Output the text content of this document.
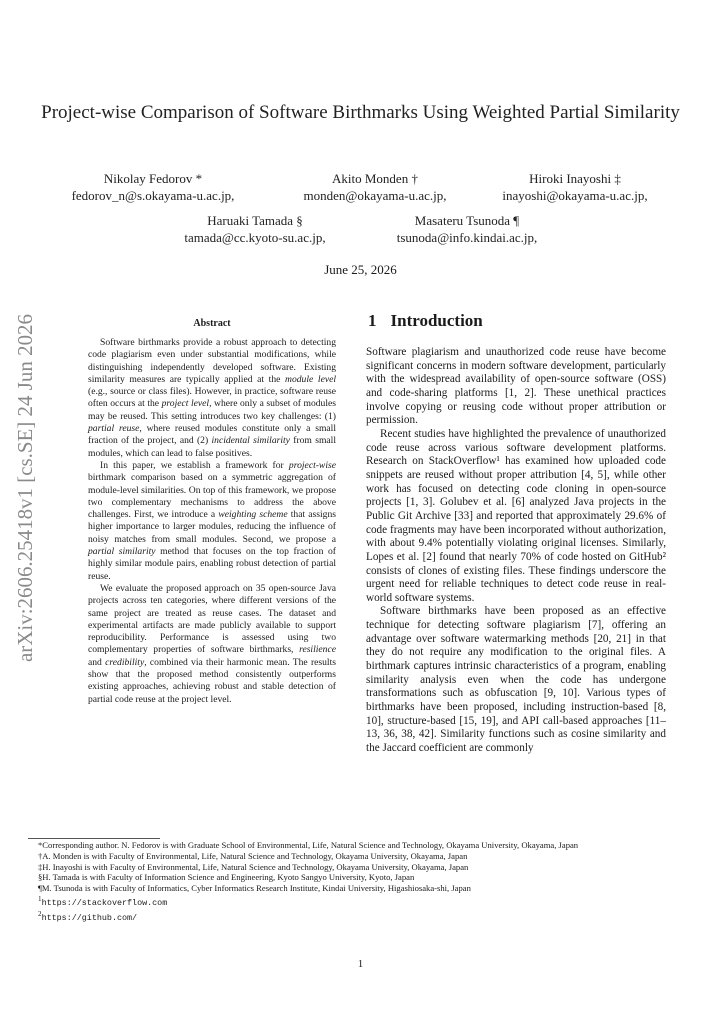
arXiv:2606.25418v1 [cs.SE] 24 Jun 2026
Project-wise Comparison of Software Birthmarks Using Weighted Partial Similarity
Nikolay Fedorov *
fedorov_n@s.okayama-u.ac.jp,
Akito Monden †
monden@okayama-u.ac.jp,
Hiroki Inayoshi ‡
inayoshi@okayama-u.ac.jp,
Haruaki Tamada §
tamada@cc.kyoto-su.ac.jp,
Masateru Tsunoda ¶
tsunoda@info.kindai.ac.jp,
June 25, 2026
Abstract

Software birthmarks provide a robust approach to detecting code plagiarism even under substantial modifications, while distinguishing independently developed software. Existing similarity measures are typically applied at the module level (e.g., source or class files). However, in practice, software reuse often occurs at the project level, where only a subset of modules may be reused. This setting introduces two key challenges: (1) partial reuse, where reused modules constitute only a small fraction of the project, and (2) incidental similarity from small modules, which can lead to false positives.

In this paper, we establish a framework for project-wise birthmark comparison based on a symmetric aggregation of module-level similarities. On top of this framework, we propose two complementary mechanisms to address the above challenges. First, we introduce a weighting scheme that assigns higher importance to larger modules, reducing the influence of noisy matches from small modules. Second, we propose a partial similarity method that focuses on the top fraction of highly similar module pairs, enabling robust detection of partial reuse.

We evaluate the proposed approach on 35 open-source Java projects across ten categories, where different versions of the same project are treated as reuse cases. The dataset and experimental artifacts are made publicly available to support reproducibility. Performance is assessed using two complementary properties of software birthmarks, resilience and credibility, combined via their harmonic mean. The results show that the proposed method consistently outperforms existing approaches, achieving robust and stable detection of partial code reuse at the project level.

1 Introduction

Software plagiarism and unauthorized code reuse have become significant concerns in modern software development, particularly with the widespread availability of open-source software (OSS) and code-sharing platforms [1, 2]. These unethical practices involve copying or reusing code without proper attribution or permission.

Recent studies have highlighted the prevalence of unauthorized code reuse across various software development platforms. Research on StackOverflow¹ has examined how uploaded code snippets are reused without proper attribution [4, 5], while other work has focused on detecting code cloning in open-source projects [1, 3]. Golubev et al. [6] analyzed Java projects in the Public Git Archive [33] and reported that approximately 29.6% of code fragments may have been incorporated without authorization, with about 9.4% potentially violating original licenses. Similarly, Lopes et al. [2] found that nearly 70% of code hosted on GitHub² consists of clones of existing files. These findings underscore the urgent need for reliable techniques to detect code reuse in real-world software systems.

Software birthmarks have been proposed as an effective technique for detecting software plagiarism [7], offering an advantage over software watermarking methods [20, 21] in that they do not require any modification to the original files. A birthmark captures intrinsic characteristics of a program, enabling similarity analysis even when the code has undergone transformations such as obfuscation [9, 10]. Various types of birthmarks have been proposed, including instruction-based [8, 10], structure-based [15, 19], and API call-based approaches [11–13, 36, 38, 42]. Similarity functions such as cosine similarity and the Jaccard coefficient are commonly

*Corresponding author. N. Fedorov is with Graduate School of Environmental, Life, Natural Science and Technology, Okayama University, Okayama, Japan
†A. Monden is with Faculty of Environmental, Life, Natural Science and Technology, Okayama University, Okayama, Japan
‡H. Inayoshi is with Faculty of Environmental, Life, Natural Science and Technology, Okayama University, Okayama, Japan
§H. Tamada is with Faculty of Information Science and Engineering, Kyoto Sangyo University, Kyoto, Japan
¶M. Tsunoda is with Faculty of Informatics, Cyber Informatics Research Institute, Kindai University, Higashiosaka-shi, Japan
$^1$https://stackoverflow.com
$^2$https://github.com/
1
